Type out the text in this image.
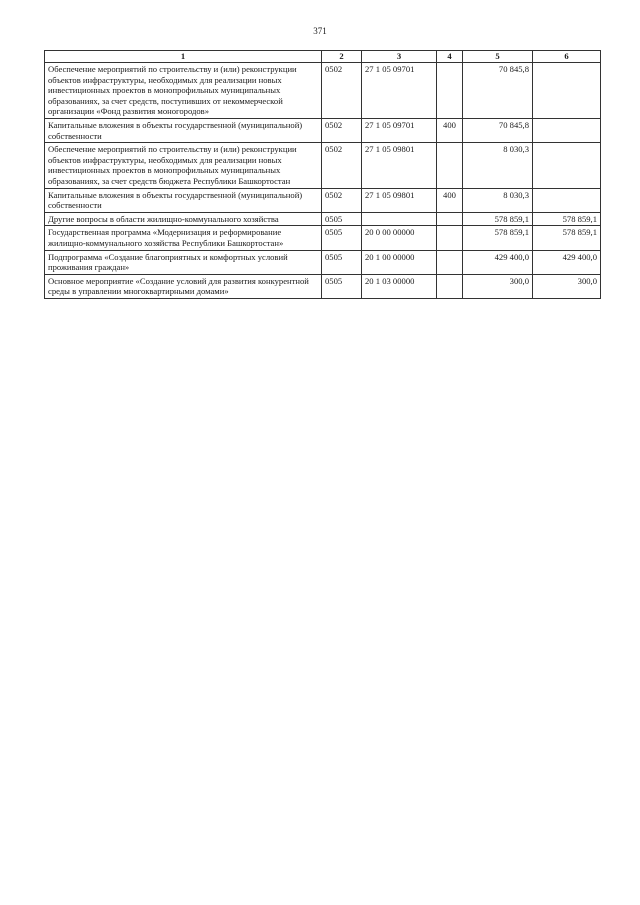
371
1	2	3	4	5	6
Обеспечение мероприятий по строительству и (или) реконструкции объектов инфраструктуры, необходимых для реализации новых инвестиционных проектов в монопрофильных муниципальных образованиях, за счет средств, поступивших от некоммерческой организации «Фонд развития моногородов»	0502	27 1 05 09701		70 845,8	
Капитальные вложения в объекты государственной (муниципальной) собственности	0502	27 1 05 09701	400	70 845,8	
Обеспечение мероприятий по строительству и (или) реконструкции объектов инфраструктуры, необходимых для реализации новых инвестиционных проектов в монопрофильных муниципальных образованиях, за счет средств бюджета Республики Башкортостан	0502	27 1 05 09801		8 030,3	
Капитальные вложения в объекты государственной (муниципальной) собственности	0502	27 1 05 09801	400	8 030,3	
Другие вопросы в области жилищно-коммунального хозяйства	0505			578 859,1	578 859,1
Государственная программа «Модернизация и реформирование жилищно-коммунального хозяйства Республики Башкортостан»	0505	20 0 00 00000		578 859,1	578 859,1
Подпрограмма «Создание благоприятных и комфортных условий проживания граждан»	0505	20 1 00 00000		429 400,0	429 400,0
Основное мероприятие «Создание условий для развития конкурентной среды в управлении многоквартирными домами»	0505	20 1 03 00000		300,0	300,0
